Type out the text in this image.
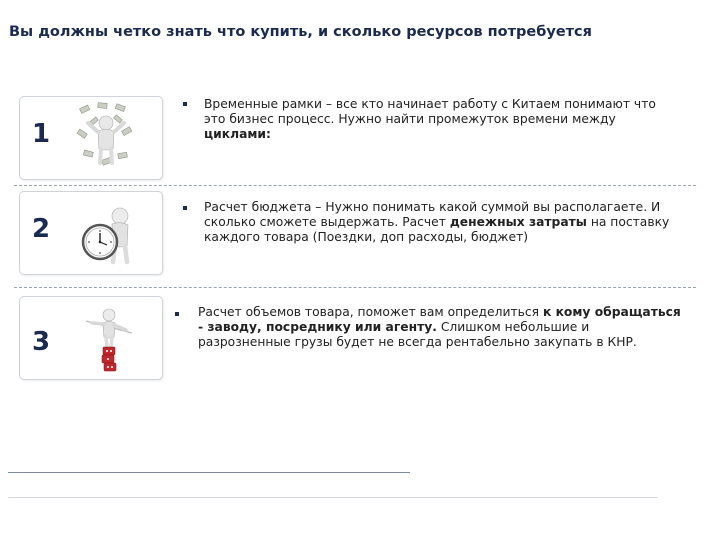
Вы должны четко знать что купить, и сколько ресурсов потребуется
1
Временные рамки – все кто начинает работу с Китаем понимают что это бизнес процесс. Нужно найти промежуток времени между циклами:
2
Расчет бюджета – Нужно понимать какой суммой вы располагаете. И сколько сможете выдержать. Расчет денежных затраты на поставку каждого товара (Поездки, доп расходы, бюджет)
3
Расчет объемов товара, поможет вам определиться к кому обращаться - заводу, посреднику или агенту. Слишком небольшие и разрозненные грузы будет не всегда рентабельно закупать в КНР.
